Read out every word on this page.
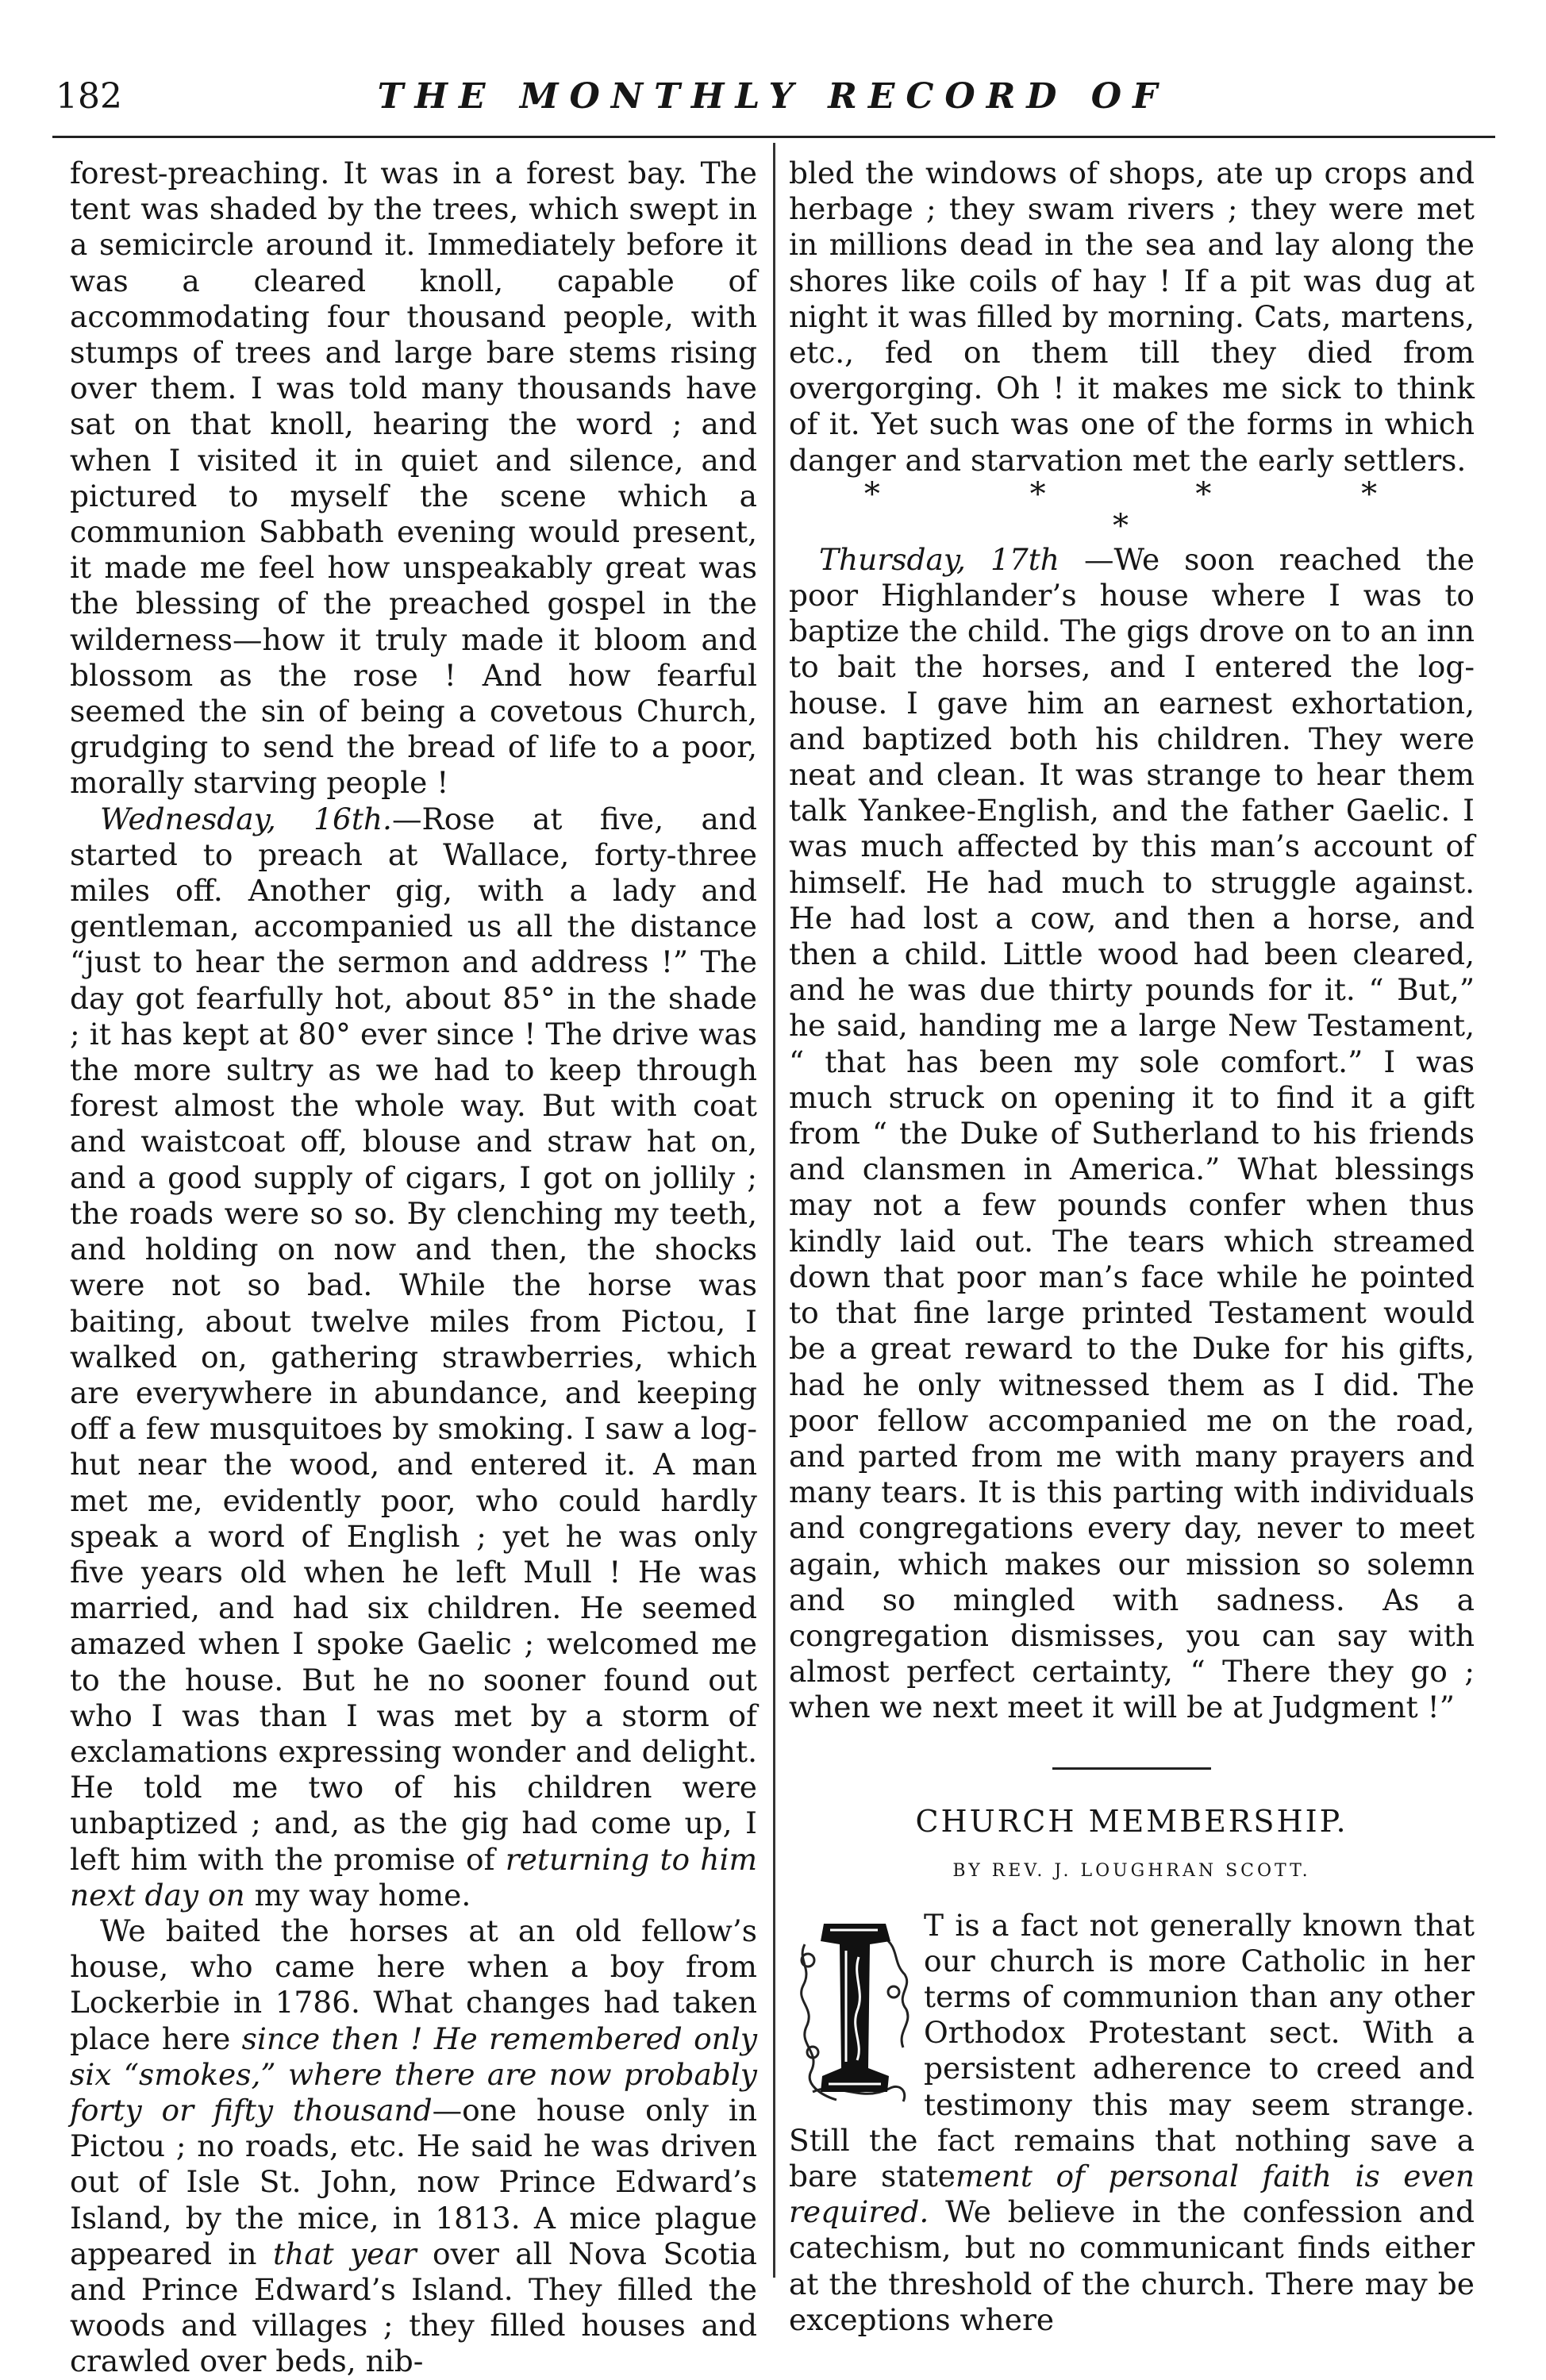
182	THE MONTHLY RECORD OF

forest-preaching. It was in a forest bay. The tent was shaded by the trees, which swept in a semicircle around it. Immediately before it was a cleared knoll, capable of accommodating four thousand people, with stumps of trees and large bare stems rising over them. I was told many thousands have sat on that knoll, hearing the word ; and when I visited it in quiet and silence, and pictured to myself the scene which a communion Sabbath evening would present, it made me feel how unspeakably great was the blessing of the preached gospel in the wilderness—how it truly made it bloom and blossom as the rose ! And how fearful seemed the sin of being a covetous Church, grudging to send the bread of life to a poor, morally starving people !

Wednesday, 16th.—Rose at five, and started to preach at Wallace, forty-three miles off. Another gig, with a lady and gentleman, accompanied us all the distance “just to hear the sermon and address !” The day got fearfully hot, about 85° in the shade ; it has kept at 80° ever since ! The drive was the more sultry as we had to keep through forest almost the whole way. But with coat and waistcoat off, blouse and straw hat on, and a good supply of cigars, I got on jollily ; the roads were so so. By clenching my teeth, and holding on now and then, the shocks were not so bad. While the horse was baiting, about twelve miles from Pictou, I walked on, gathering strawberries, which are everywhere in abundance, and keeping off a few musquitoes by smoking. I saw a log-hut near the wood, and entered it. A man met me, evidently poor, who could hardly speak a word of English ; yet he was only five years old when he left Mull ! He was married, and had six children. He seemed amazed when I spoke Gaelic ; welcomed me to the house. But he no sooner found out who I was than I was met by a storm of exclamations expressing wonder and delight. He told me two of his children were unbaptized ; and, as the gig had come up, I left him with the promise of returning to him next day on my way home.

We baited the horses at an old fellow’s house, who came here when a boy from Lockerbie in 1786. What changes had taken place here since then ! He remembered only six “smokes,” where there are now probably forty or fifty thousand—one house only in Pictou ; no roads, etc. He said he was driven out of Isle St. John, now Prince Edward’s Island, by the mice, in 1813. A mice plague appeared in that year over all Nova Scotia and Prince Edward’s Island. They filled the woods and villages ; they filled houses and crawled over beds, nib-

bled the windows of shops, ate up crops and herbage ; they swam rivers ; they were met in millions dead in the sea and lay along the shores like coils of hay ! If a pit was dug at night it was filled by morning. Cats, martens, etc., fed on them till they died from overgorging. Oh ! it makes me sick to think of it. Yet such was one of the forms in which danger and starvation met the early settlers.

* * * * *

Thursday, 17th —We soon reached the poor Highlander’s house where I was to baptize the child. The gigs drove on to an inn to bait the horses, and I entered the log-house. I gave him an earnest exhortation, and baptized both his children. They were neat and clean. It was strange to hear them talk Yankee-English, and the father Gaelic. I was much affected by this man’s account of himself. He had much to struggle against. He had lost a cow, and then a horse, and then a child. Little wood had been cleared, and he was due thirty pounds for it. “ But,” he said, handing me a large New Testament, “ that has been my sole comfort.” I was much struck on opening it to find it a gift from “ the Duke of Sutherland to his friends and clansmen in America.” What blessings may not a few pounds confer when thus kindly laid out. The tears which streamed down that poor man’s face while he pointed to that fine large printed Testament would be a great reward to the Duke for his gifts, had he only witnessed them as I did. The poor fellow accompanied me on the road, and parted from me with many prayers and many tears. It is this parting with individuals and congregations every day, never to meet again, which makes our mission so solemn and so mingled with sadness. As a congregation dismisses, you can say with almost perfect certainty, “ There they go ; when we next meet it will be at Judgment !”

CHURCH MEMBERSHIP.
BY REV. J. LOUGHRAN SCOTT.

I	T is a fact not generally known that our church is more Catholic in her terms of communion than any other Orthodox Protestant sect. With a persistent adherence to creed and testimony this may seem strange. Still the fact remains that nothing save a bare statement of personal faith is even required. We believe in the confession and catechism, but no communicant finds either at the threshold of the church. There may be exceptions where
